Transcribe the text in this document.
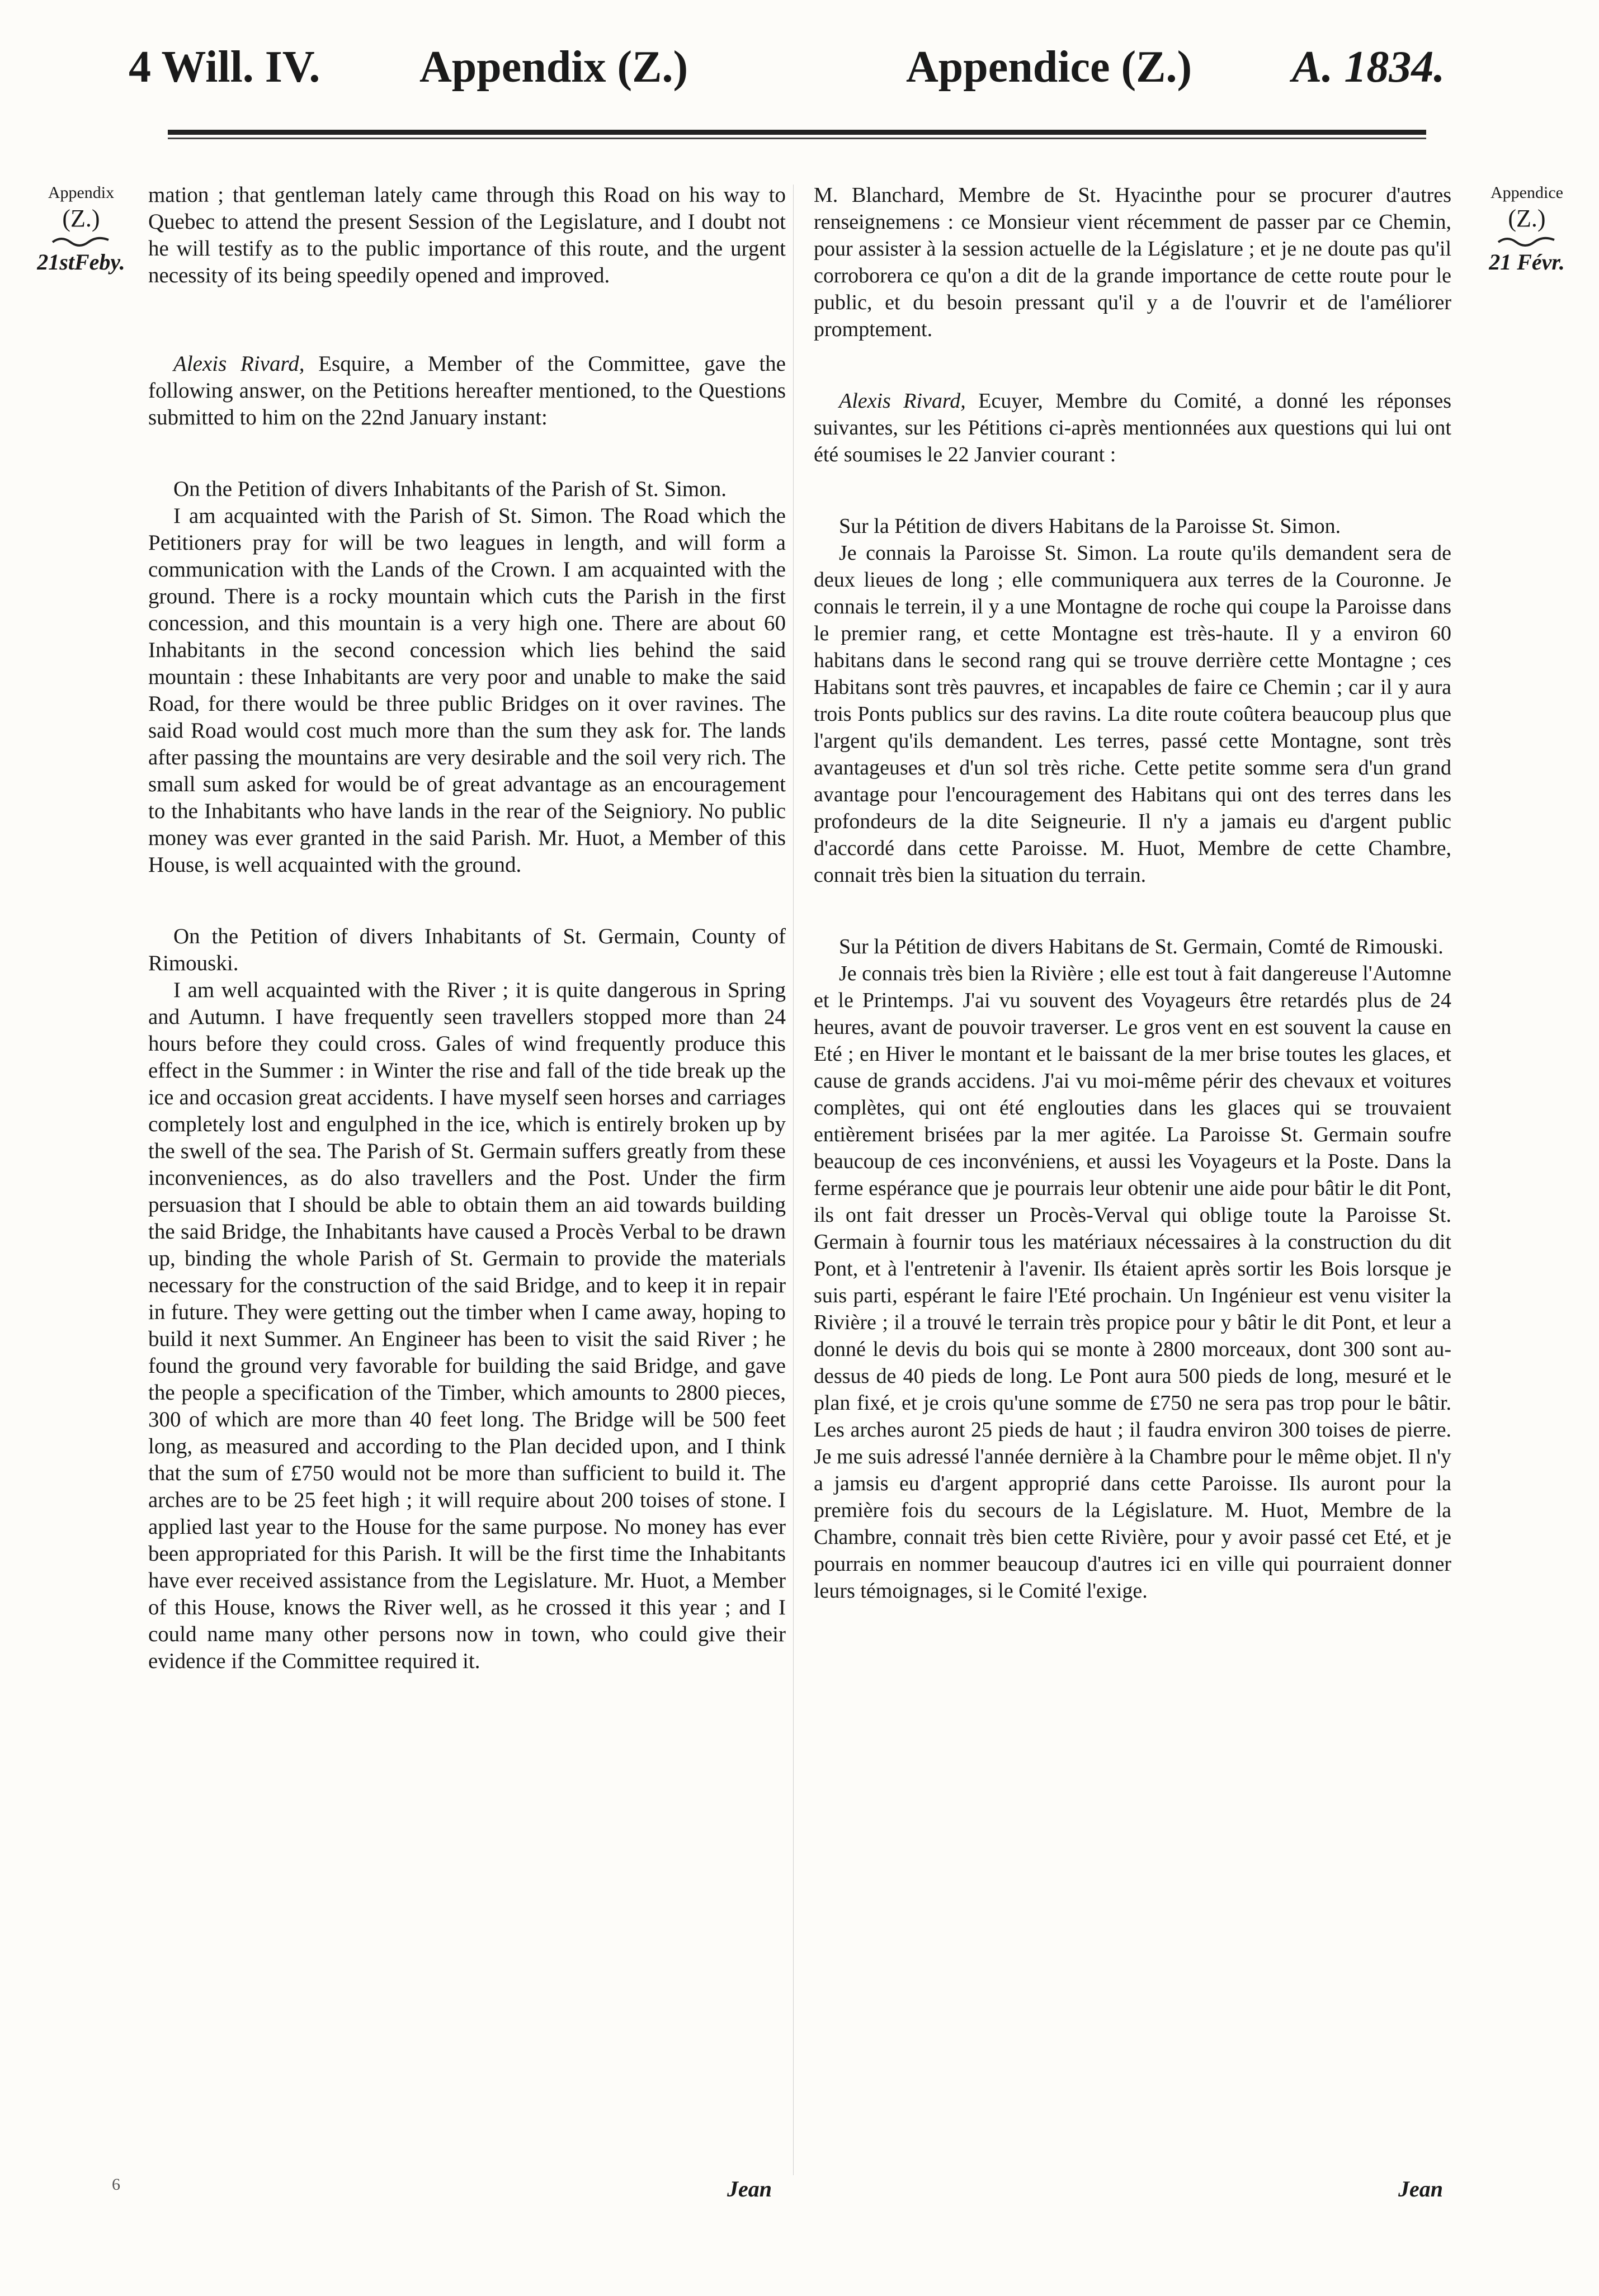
4 Will. IV. Appendix (Z.)	Appendice (Z.) A. 1834.
Appendix
(Z.)
21stFeby.
Appendice
(Z.)
21 Févr.

mation ; that gentleman lately came through this Road on his way to Quebec to attend the present Session of the Legislature, and I doubt not he will testify as to the public importance of this route, and the urgent necessity of its being speedily opened and improved.

Alexis Rivard, Esquire, a Member of the Committee, gave the following answer, on the Petitions hereafter mentioned, to the Questions submitted to him on the 22nd January instant:

On the Petition of divers Inhabitants of the Parish of St. Simon.

I am acquainted with the Parish of St. Simon. The Road which the Petitioners pray for will be two leagues in length, and will form a communication with the Lands of the Crown. I am acquainted with the ground. There is a rocky mountain which cuts the Parish in the first concession, and this mountain is a very high one. There are about 60 Inhabitants in the second concession which lies behind the said mountain : these Inhabitants are very poor and unable to make the said Road, for there would be three public Bridges on it over ravines. The said Road would cost much more than the sum they ask for. The lands after passing the mountains are very desirable and the soil very rich. The small sum asked for would be of great advantage as an encouragement to the Inhabitants who have lands in the rear of the Seigniory. No public money was ever granted in the said Parish. Mr. Huot, a Member of this House, is well acquainted with the ground.

On the Petition of divers Inhabitants of St. Germain, County of Rimouski.

I am well acquainted with the River ; it is quite dangerous in Spring and Autumn. I have frequently seen travellers stopped more than 24 hours before they could cross. Gales of wind frequently produce this effect in the Summer : in Winter the rise and fall of the tide break up the ice and occasion great accidents. I have myself seen horses and carriages completely lost and engulphed in the ice, which is entirely broken up by the swell of the sea. The Parish of St. Germain suffers greatly from these inconveniences, as do also travellers and the Post. Under the firm persuasion that I should be able to obtain them an aid towards building the said Bridge, the Inhabitants have caused a Procès Verbal to be drawn up, binding the whole Parish of St. Germain to provide the materials necessary for the construction of the said Bridge, and to keep it in repair in future. They were getting out the timber when I came away, hoping to build it next Summer. An Engineer has been to visit the said River ; he found the ground very favorable for building the said Bridge, and gave the people a specification of the Timber, which amounts to 2800 pieces, 300 of which are more than 40 feet long. The Bridge will be 500 feet long, as measured and according to the Plan decided upon, and I think that the sum of £750 would not be more than sufficient to build it. The arches are to be 25 feet high ; it will require about 200 toises of stone. I applied last year to the House for the same purpose. No money has ever been appropriated for this Parish. It will be the first time the Inhabitants have ever received assistance from the Legislature. Mr. Huot, a Member of this House, knows the River well, as he crossed it this year ; and I could name many other persons now in town, who could give their evidence if the Committee required it.

M. Blanchard, Membre de St. Hyacinthe pour se procurer d'autres renseignemens : ce Monsieur vient récemment de passer par ce Chemin, pour assister à la session actuelle de la Législature ; et je ne doute pas qu'il corroborera ce qu'on a dit de la grande importance de cette route pour le public, et du besoin pressant qu'il y a de l'ouvrir et de l'améliorer promptement.

Alexis Rivard, Ecuyer, Membre du Comité, a donné les réponses suivantes, sur les Pétitions ci-après mentionnées aux questions qui lui ont été soumises le 22 Janvier courant :

Sur la Pétition de divers Habitans de la Paroisse St. Simon.

Je connais la Paroisse St. Simon. La route qu'ils demandent sera de deux lieues de long ; elle communiquera aux terres de la Couronne. Je connais le terrein, il y a une Montagne de roche qui coupe la Paroisse dans le premier rang, et cette Montagne est très-haute. Il y a environ 60 habitans dans le second rang qui se trouve derrière cette Montagne ; ces Habitans sont très pauvres, et incapables de faire ce Chemin ; car il y aura trois Ponts publics sur des ravins. La dite route coûtera beaucoup plus que l'argent qu'ils demandent. Les terres, passé cette Montagne, sont très avantageuses et d'un sol très riche. Cette petite somme sera d'un grand avantage pour l'encouragement des Habitans qui ont des terres dans les profondeurs de la dite Seigneurie. Il n'y a jamais eu d'argent public d'accordé dans cette Paroisse. M. Huot, Membre de cette Chambre, connait très bien la situation du terrain.

Sur la Pétition de divers Habitans de St. Germain, Comté de Rimouski.

Je connais très bien la Rivière ; elle est tout à fait dangereuse l'Automne et le Printemps. J'ai vu souvent des Voyageurs être retardés plus de 24 heures, avant de pouvoir traverser. Le gros vent en est souvent la cause en Eté ; en Hiver le montant et le baissant de la mer brise toutes les glaces, et cause de grands accidens. J'ai vu moi-même périr des chevaux et voitures complètes, qui ont été englouties dans les glaces qui se trouvaient entièrement brisées par la mer agitée. La Paroisse St. Germain soufre beaucoup de ces inconvéniens, et aussi les Voyageurs et la Poste. Dans la ferme espérance que je pourrais leur obtenir une aide pour bâtir le dit Pont, ils ont fait dresser un Procès-Verval qui oblige toute la Paroisse St. Germain à fournir tous les matériaux nécessaires à la construction du dit Pont, et à l'entretenir à l'avenir. Ils étaient après sortir les Bois lorsque je suis parti, espérant le faire l'Eté prochain. Un Ingénieur est venu visiter la Rivière ; il a trouvé le terrain très propice pour y bâtir le dit Pont, et leur a donné le devis du bois qui se monte à 2800 morceaux, dont 300 sont au-dessus de 40 pieds de long. Le Pont aura 500 pieds de long, mesuré et le plan fixé, et je crois qu'une somme de £750 ne sera pas trop pour le bâtir. Les arches auront 25 pieds de haut ; il faudra environ 300 toises de pierre. Je me suis adressé l'année dernière à la Chambre pour le même objet. Il n'y a jamsis eu d'argent approprié dans cette Paroisse. Ils auront pour la première fois du secours de la Législature. M. Huot, Membre de la Chambre, connait très bien cette Rivière, pour y avoir passé cet Eté, et je pourrais en nommer beaucoup d'autres ici en ville qui pourraient donner leurs témoignages, si le Comité l'exige.

6	Jean	Jean
